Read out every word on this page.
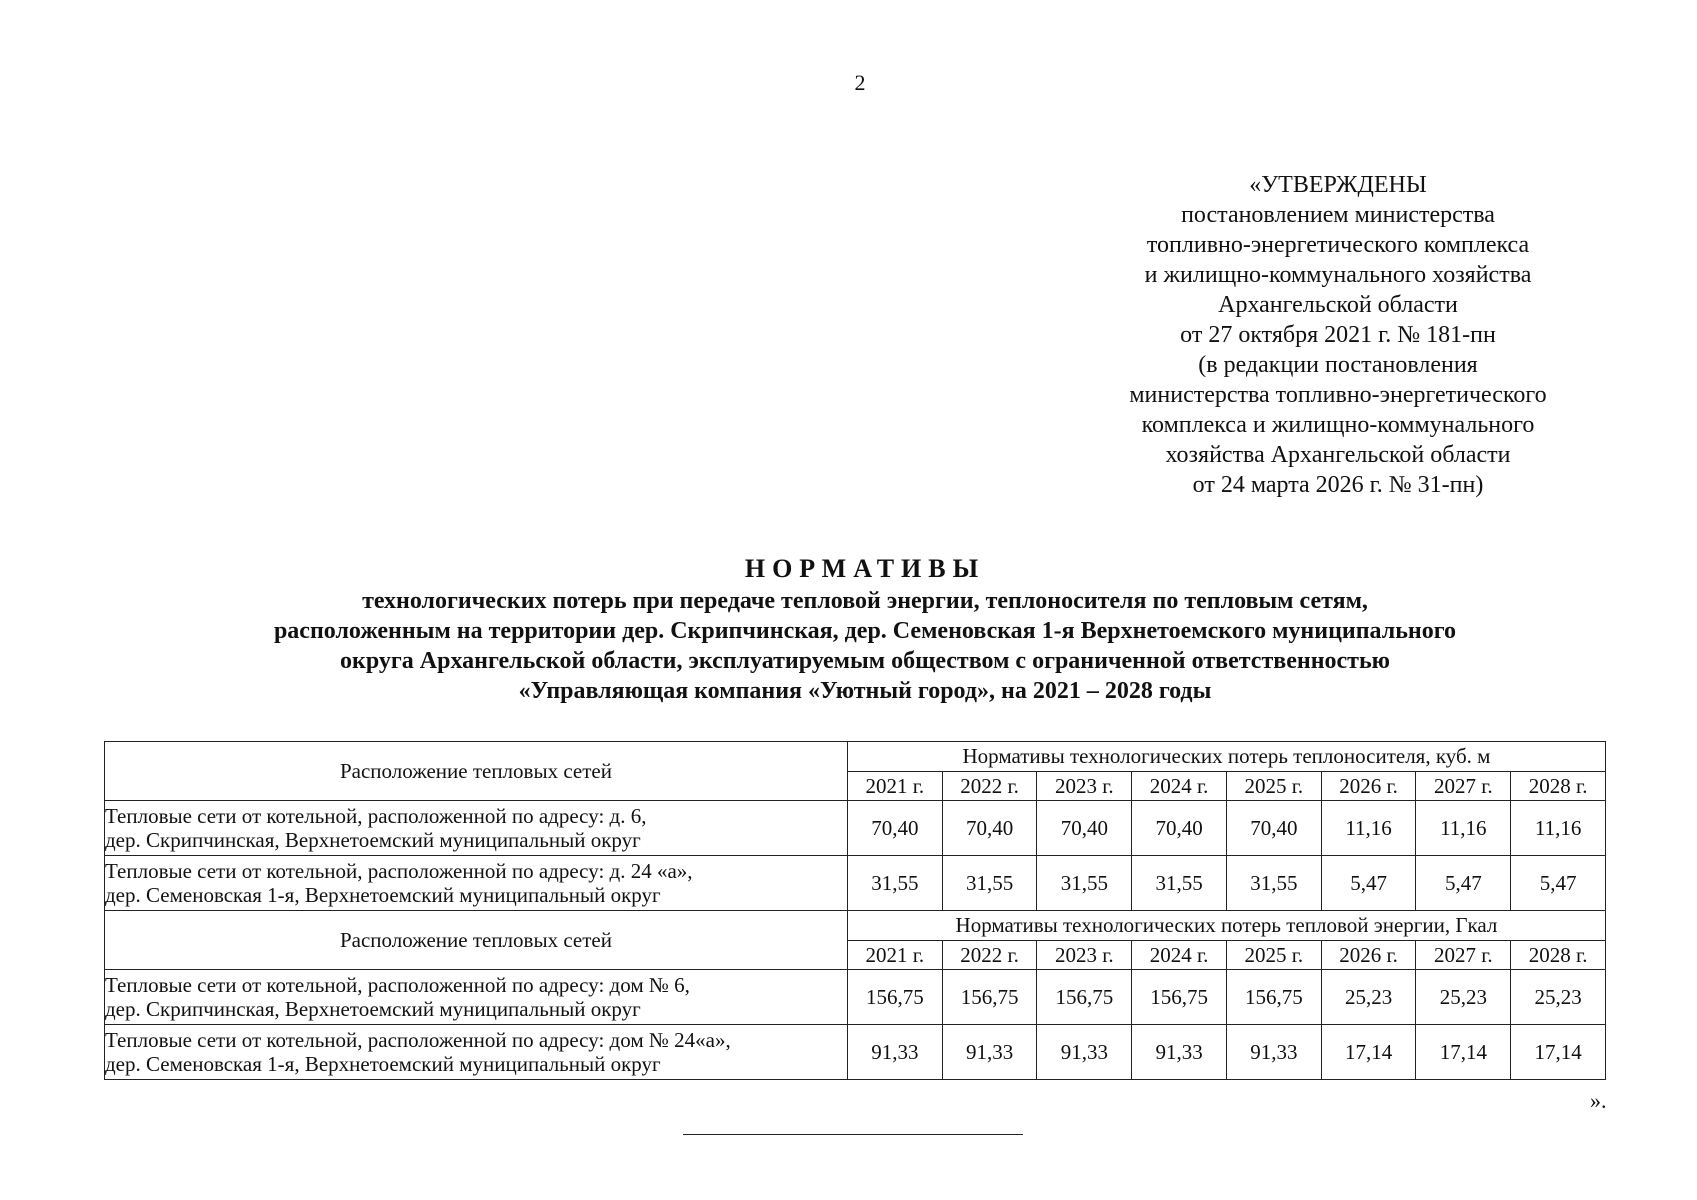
2
«УТВЕРЖДЕНЫ
постановлением министерства
топливно-энергетического комплекса
и жилищно-коммунального хозяйства
Архангельской области
от 27 октября 2021 г. № 181-пн
(в редакции постановления
министерства топливно-энергетического
комплекса и жилищно-коммунального
хозяйства Архангельской области
от 24 марта 2026 г. № 31-пн)
НОРМАТИВЫ
технологических потерь при передаче тепловой энергии, теплоносителя по тепловым сетям,
расположенным на территории дер. Скрипчинская, дер. Семеновская 1-я Верхнетоемского муниципального
округа Архангельской области, эксплуатируемым обществом с ограниченной ответственностью
«Управляющая компания «Уютный город», на 2021 – 2028 годы
Расположение тепловых сетей	Нормативы технологических потерь теплоносителя, куб. м							
	2021 г.	2022 г.	2023 г.	2024 г.	2025 г.	2026 г.	2027 г.	2028 г.

Тепловые сети от котельной, расположенной по адресу: д. 6,
дер. Скрипчинская, Верхнетоемский муниципальный округ	70,40	70,40	70,40	70,40	70,40	11,16	11,16	11,16

Тепловые сети от котельной, расположенной по адресу: д. 24 «а»,
дер. Семеновская 1-я, Верхнетоемский муниципальный округ	31,55	31,55	31,55	31,55	31,55	5,47	5,47	5,47
Расположение тепловых сетей	Нормативы технологических потерь тепловой энергии, Гкал							
	2021 г.	2022 г.	2023 г.	2024 г.	2025 г.	2026 г.	2027 г.	2028 г.

Тепловые сети от котельной, расположенной по адресу: дом № 6,
дер. Скрипчинская, Верхнетоемский муниципальный округ	156,75	156,75	156,75	156,75	156,75	25,23	25,23	25,23

Тепловые сети от котельной, расположенной по адресу: дом № 24«а»,
дер. Семеновская 1-я, Верхнетоемский муниципальный округ	91,33	91,33	91,33	91,33	91,33	17,14	17,14	17,14
».
